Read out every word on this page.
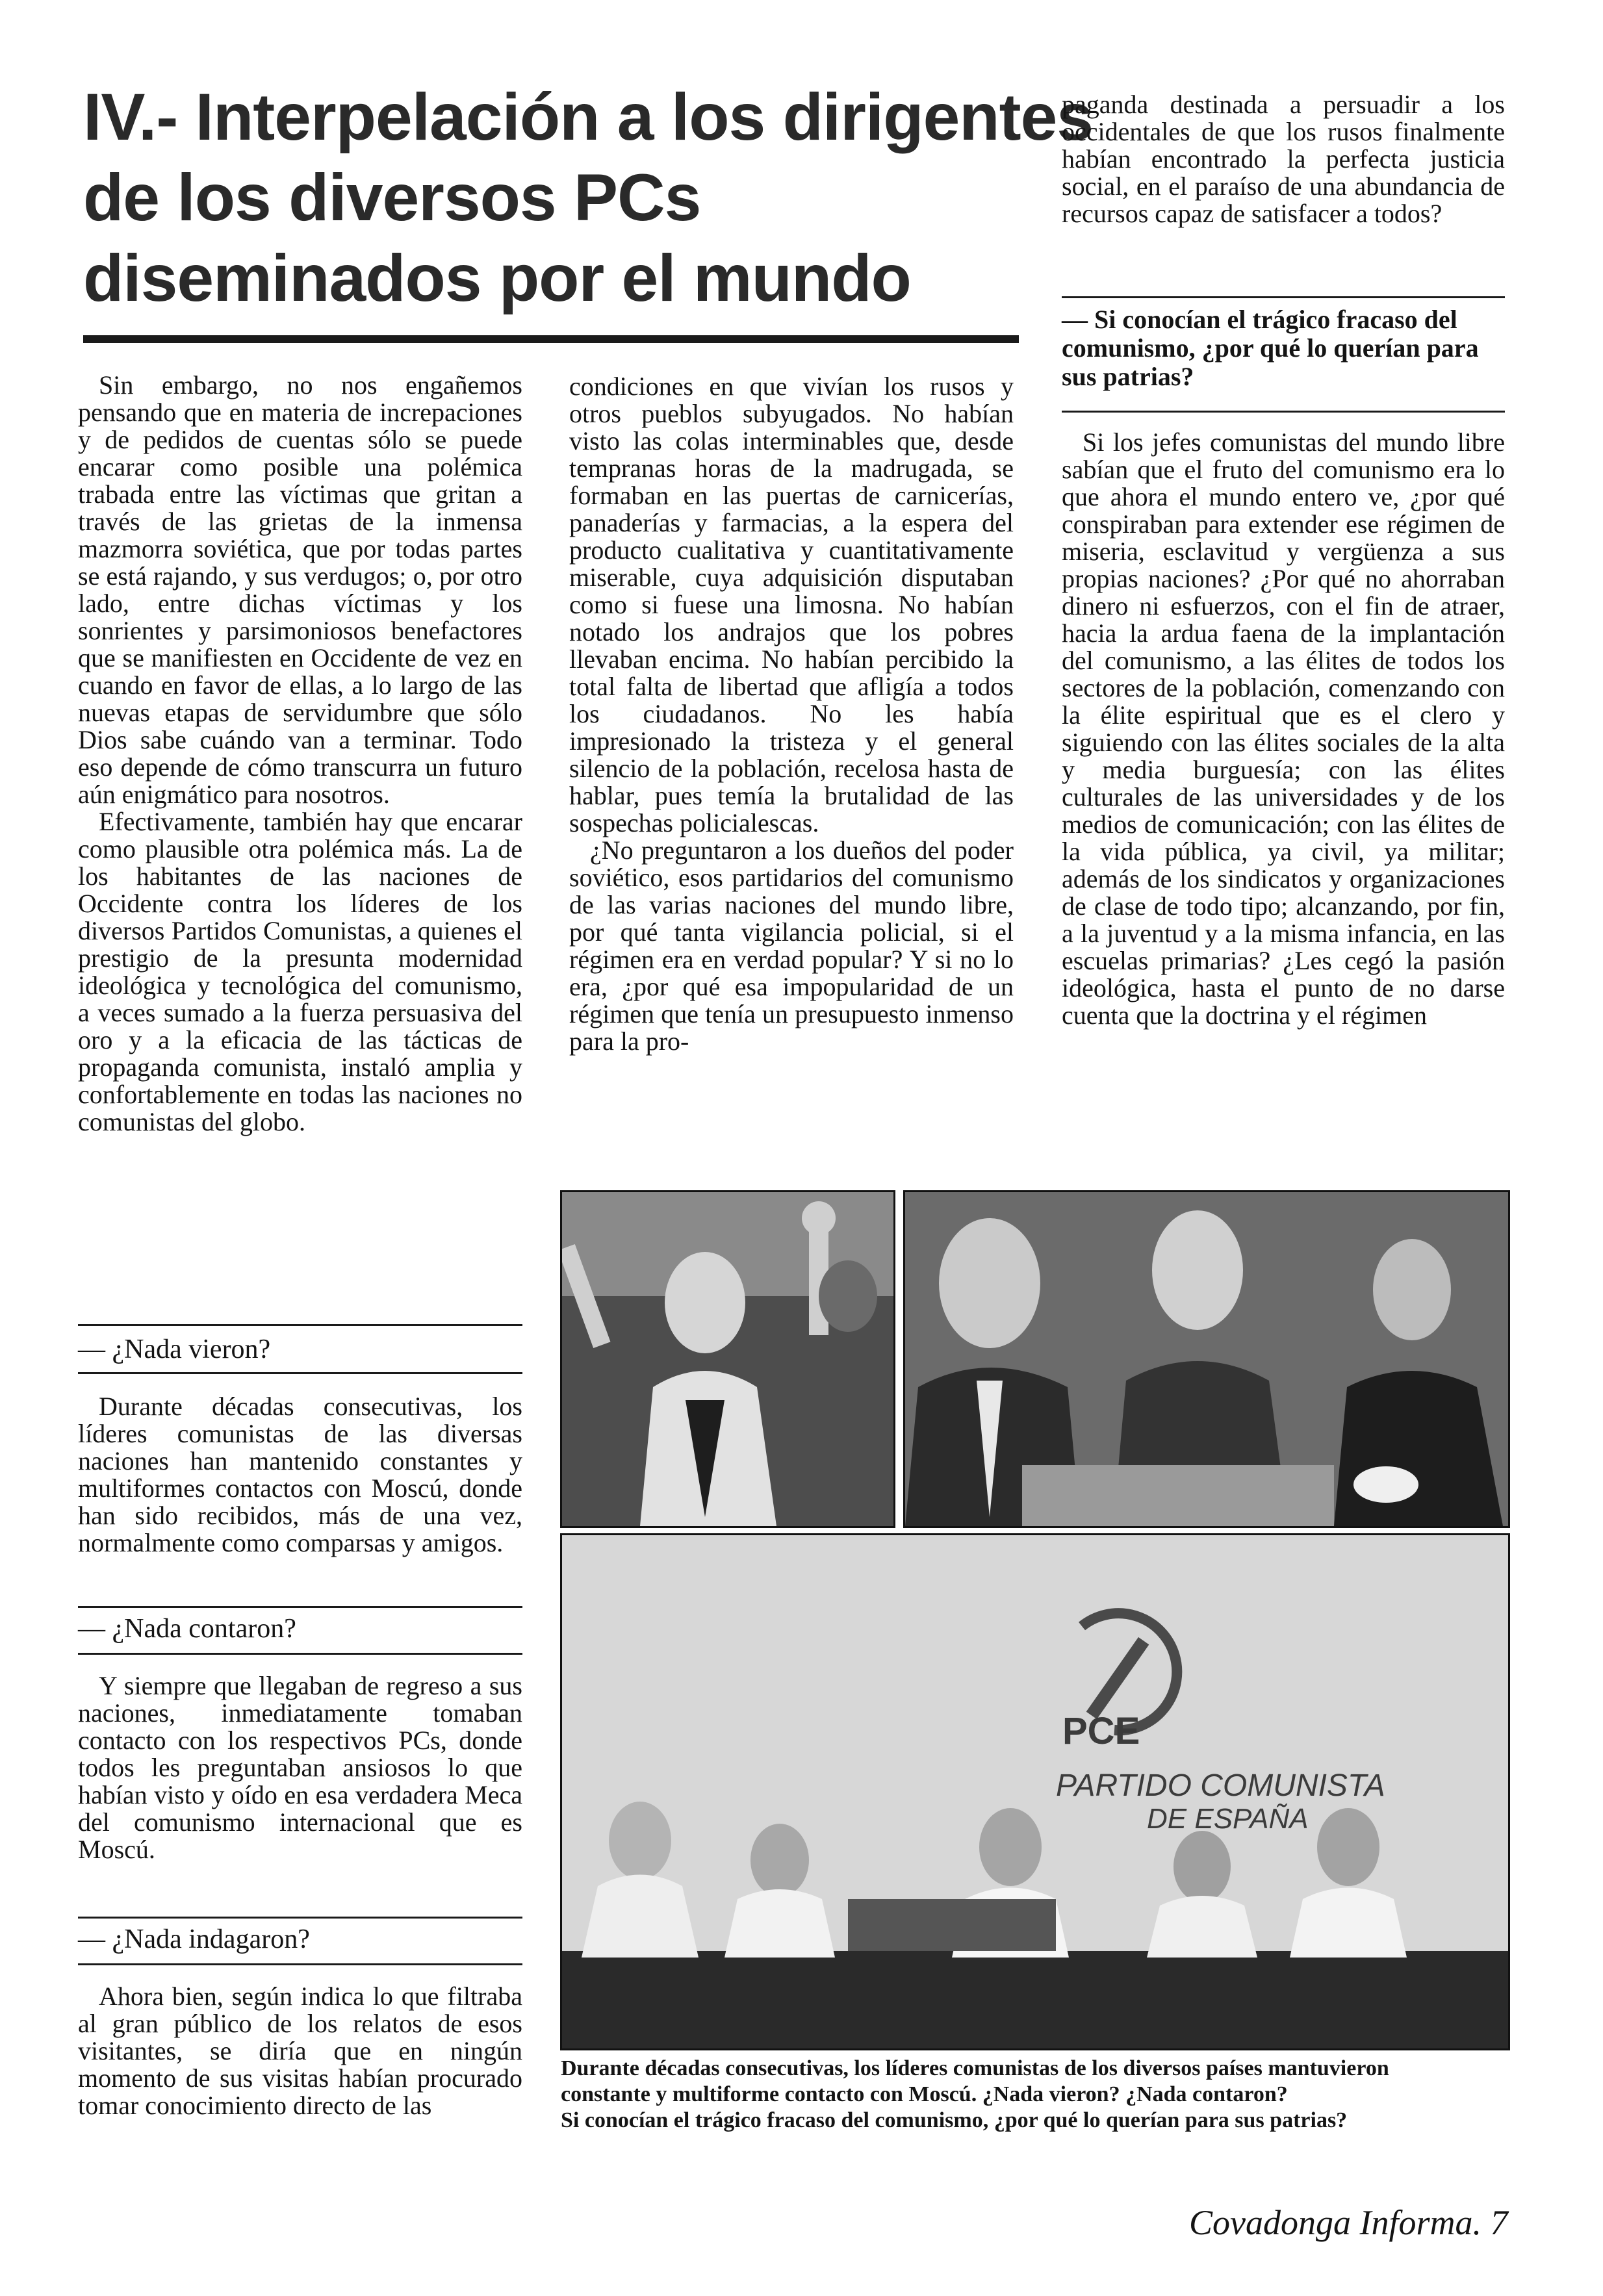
IV.- Interpelación a los dirigentes
de los diversos PCs
diseminados por el mundo

Sin embargo, no nos engañemos pensando que en materia de increpaciones y de pedidos de cuentas sólo se puede encarar como posible una polémica trabada entre las víctimas que gritan a través de las grietas de la inmensa mazmorra soviética, que por todas partes se está rajando, y sus verdugos; o, por otro lado, entre dichas víctimas y los sonrientes y parsimoniosos benefactores que se manifiesten en Occidente de vez en cuando en favor de ellas, a lo largo de las nuevas etapas de servidumbre que sólo Dios sabe cuándo van a terminar. Todo eso depende de cómo transcurra un futuro aún enigmático para nosotros.

Efectivamente, también hay que encarar como plausible otra polémica más. La de los habitantes de las naciones de Occidente contra los líderes de los diversos Partidos Comunistas, a quienes el prestigio de la presunta modernidad ideológica y tecnológica del comunismo, a veces sumado a la fuerza persuasiva del oro y a la eficacia de las tácticas de propaganda comunista, instaló amplia y confortablemente en todas las naciones no comunistas del globo.

— ¿Nada vieron?

Durante décadas consecutivas, los líderes comunistas de las diversas naciones han mantenido constantes y multiformes contactos con Moscú, donde han sido recibidos, más de una vez, normalmente como comparsas y amigos.

— ¿Nada contaron?

Y siempre que llegaban de regreso a sus naciones, inmediatamente tomaban contacto con los respectivos PCs, donde todos les preguntaban ansiosos lo que habían visto y oído en esa verdadera Meca del comunismo internacional que es Moscú.

— ¿Nada indagaron?

Ahora bien, según indica lo que filtraba al gran público de los relatos de esos visitantes, se diría que en ningún momento de sus visitas habían procurado tomar conocimiento directo de las

condiciones en que vivían los rusos y otros pueblos subyugados. No habían visto las colas interminables que, desde tempranas horas de la madrugada, se formaban en las puertas de carnicerías, panaderías y farmacias, a la espera del producto cualitativa y cuantitativamente miserable, cuya adquisición disputaban como si fuese una limosna. No habían notado los andrajos que los pobres llevaban encima. No habían percibido la total falta de libertad que afligía a todos los ciudadanos. No les había impresionado la tristeza y el general silencio de la población, recelosa hasta de hablar, pues temía la brutalidad de las sospechas policialescas.

¿No preguntaron a los dueños del poder soviético, esos partidarios del comunismo de las varias naciones del mundo libre, por qué tanta vigilancia policial, si el régimen era en verdad popular? Y si no lo era, ¿por qué esa impopularidad de un régimen que tenía un presupuesto inmenso para la pro-

paganda destinada a persuadir a los occidentales de que los rusos finalmente habían encontrado la perfecta justicia social, en el paraíso de una abundancia de recursos capaz de satisfacer a todos?

— Si conocían el trágico fracaso del comunismo, ¿por qué lo querían para sus patrias?

Si los jefes comunistas del mundo libre sabían que el fruto del comunismo era lo que ahora el mundo entero ve, ¿por qué conspiraban para extender ese régimen de miseria, esclavitud y vergüenza a sus propias naciones? ¿Por qué no ahorraban dinero ni esfuerzos, con el fin de atraer, hacia la ardua faena de la implantación del comunismo, a las élites de todos los sectores de la población, comenzando con la élite espiritual que es el clero y siguiendo con las élites sociales de la alta y media burguesía; con las élites culturales de las universidades y de los medios de comunicación; con las élites de la vida pública, ya civil, ya militar; además de los sindicatos y organizaciones de clase de todo tipo; alcanzando, por fin, a la juventud y a la misma infancia, en las escuelas primarias? ¿Les cegó la pasión ideológica, hasta el punto de no darse cuenta que la doctrina y el régimen

PCE
PARTIDO COMUNISTA
DE ESPAÑA
Durante décadas consecutivas, los líderes comunistas de los diversos países mantuvieron
constante y multiforme contacto con Moscú. ¿Nada vieron? ¿Nada contaron?
Si conocían el trágico fracaso del comunismo, ¿por qué lo querían para sus patrias?
Covadonga Informa. 7
